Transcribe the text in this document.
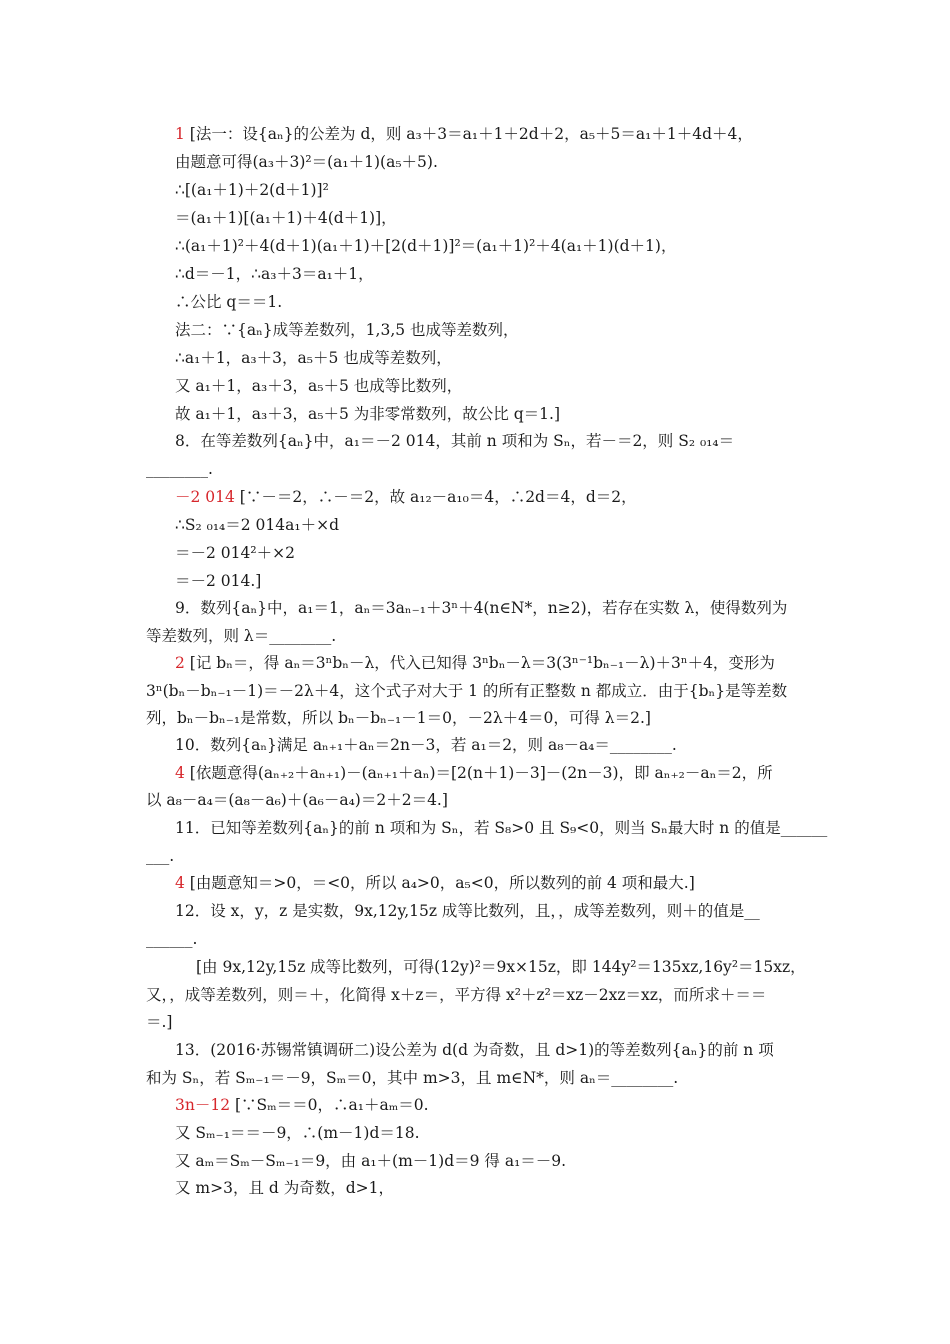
1 [法一：设{aₙ}的公差为 d，则 a₃＋3＝a₁＋1＋2d＋2，a₅＋5＝a₁＋1＋4d＋4，
由题意可得(a₃＋3)²＝(a₁＋1)(a₅＋5).
∴[(a₁＋1)＋2(d＋1)]²
＝(a₁＋1)[(a₁＋1)＋4(d＋1)]，
∴(a₁＋1)²＋4(d＋1)(a₁＋1)＋[2(d＋1)]²＝(a₁＋1)²＋4(a₁＋1)(d＋1)，
∴d＝－1，∴a₃＋3＝a₁＋1，
∴公比 q＝＝1.
法二：∵{aₙ}成等差数列，1,3,5 也成等差数列，
∴a₁＋1，a₃＋3，a₅＋5 也成等差数列，
又 a₁＋1，a₃＋3，a₅＋5 也成等比数列，
故 a₁＋1，a₃＋3，a₅＋5 为非零常数列，故公比 q＝1.]
8．在等差数列{aₙ}中，a₁＝－2 014，其前 n 项和为 Sₙ，若－＝2，则 S₂ ₀₁₄＝
________.
－2 014 [∵－＝2，∴－＝2，故 a₁₂－a₁₀＝4，∴2d＝4，d＝2，
∴S₂ ₀₁₄＝2 014a₁＋×d
＝－2 014²＋×2
＝－2 014.]
9．数列{aₙ}中，a₁＝1，aₙ＝3aₙ₋₁＋3ⁿ＋4(n∈N*，n≥2)，若存在实数 λ，使得数列为
等差数列，则 λ＝________.
2 [记 bₙ＝，得 aₙ＝3ⁿbₙ－λ，代入已知得 3ⁿbₙ－λ＝3(3ⁿ⁻¹bₙ₋₁－λ)＋3ⁿ＋4，变形为
3ⁿ(bₙ－bₙ₋₁－1)＝－2λ＋4，这个式子对大于 1 的所有正整数 n 都成立．由于{bₙ}是等差数
列，bₙ－bₙ₋₁是常数，所以 bₙ－bₙ₋₁－1＝0，－2λ＋4＝0，可得 λ＝2.]
10．数列{aₙ}满足 aₙ₊₁＋aₙ＝2n－3，若 a₁＝2，则 a₈－a₄＝________.
4 [依题意得(aₙ₊₂＋aₙ₊₁)－(aₙ₊₁＋aₙ)＝[2(n＋1)－3]－(2n－3)，即 aₙ₊₂－aₙ＝2，所
以 a₈－a₄＝(a₈－a₆)＋(a₆－a₄)＝2＋2＝4.]
11．已知等差数列{aₙ}的前 n 项和为 Sₙ，若 S₈>0 且 S₉<0，则当 Sₙ最大时 n 的值是______
___.
4 [由题意知＝>0，＝<0，所以 a₄>0，a₅<0，所以数列的前 4 项和最大.]
12．设 x，y，z 是实数，9x,12y,15z 成等比数列，且，，成等差数列，则＋的值是__
______.
[由 9x,12y,15z 成等比数列，可得(12y)²＝9x×15z，即 144y²＝135xz,16y²＝15xz，
又，，成等差数列，则＝＋，化简得 x＋z＝，平方得 x²＋z²＝xz－2xz＝xz，而所求＋＝＝
＝.]
13．(2016·苏锡常镇调研二)设公差为 d(d 为奇数，且 d>1)的等差数列{aₙ}的前 n 项
和为 Sₙ，若 Sₘ₋₁＝－9，Sₘ＝0，其中 m>3，且 m∈N*，则 aₙ＝________.
3n－12 [∵Sₘ＝＝0，∴a₁＋aₘ＝0.
又 Sₘ₋₁＝＝－9，∴(m－1)d＝18.
又 aₘ＝Sₘ－Sₘ₋₁＝9，由 a₁＋(m－1)d＝9 得 a₁＝－9.
又 m>3，且 d 为奇数，d>1，
